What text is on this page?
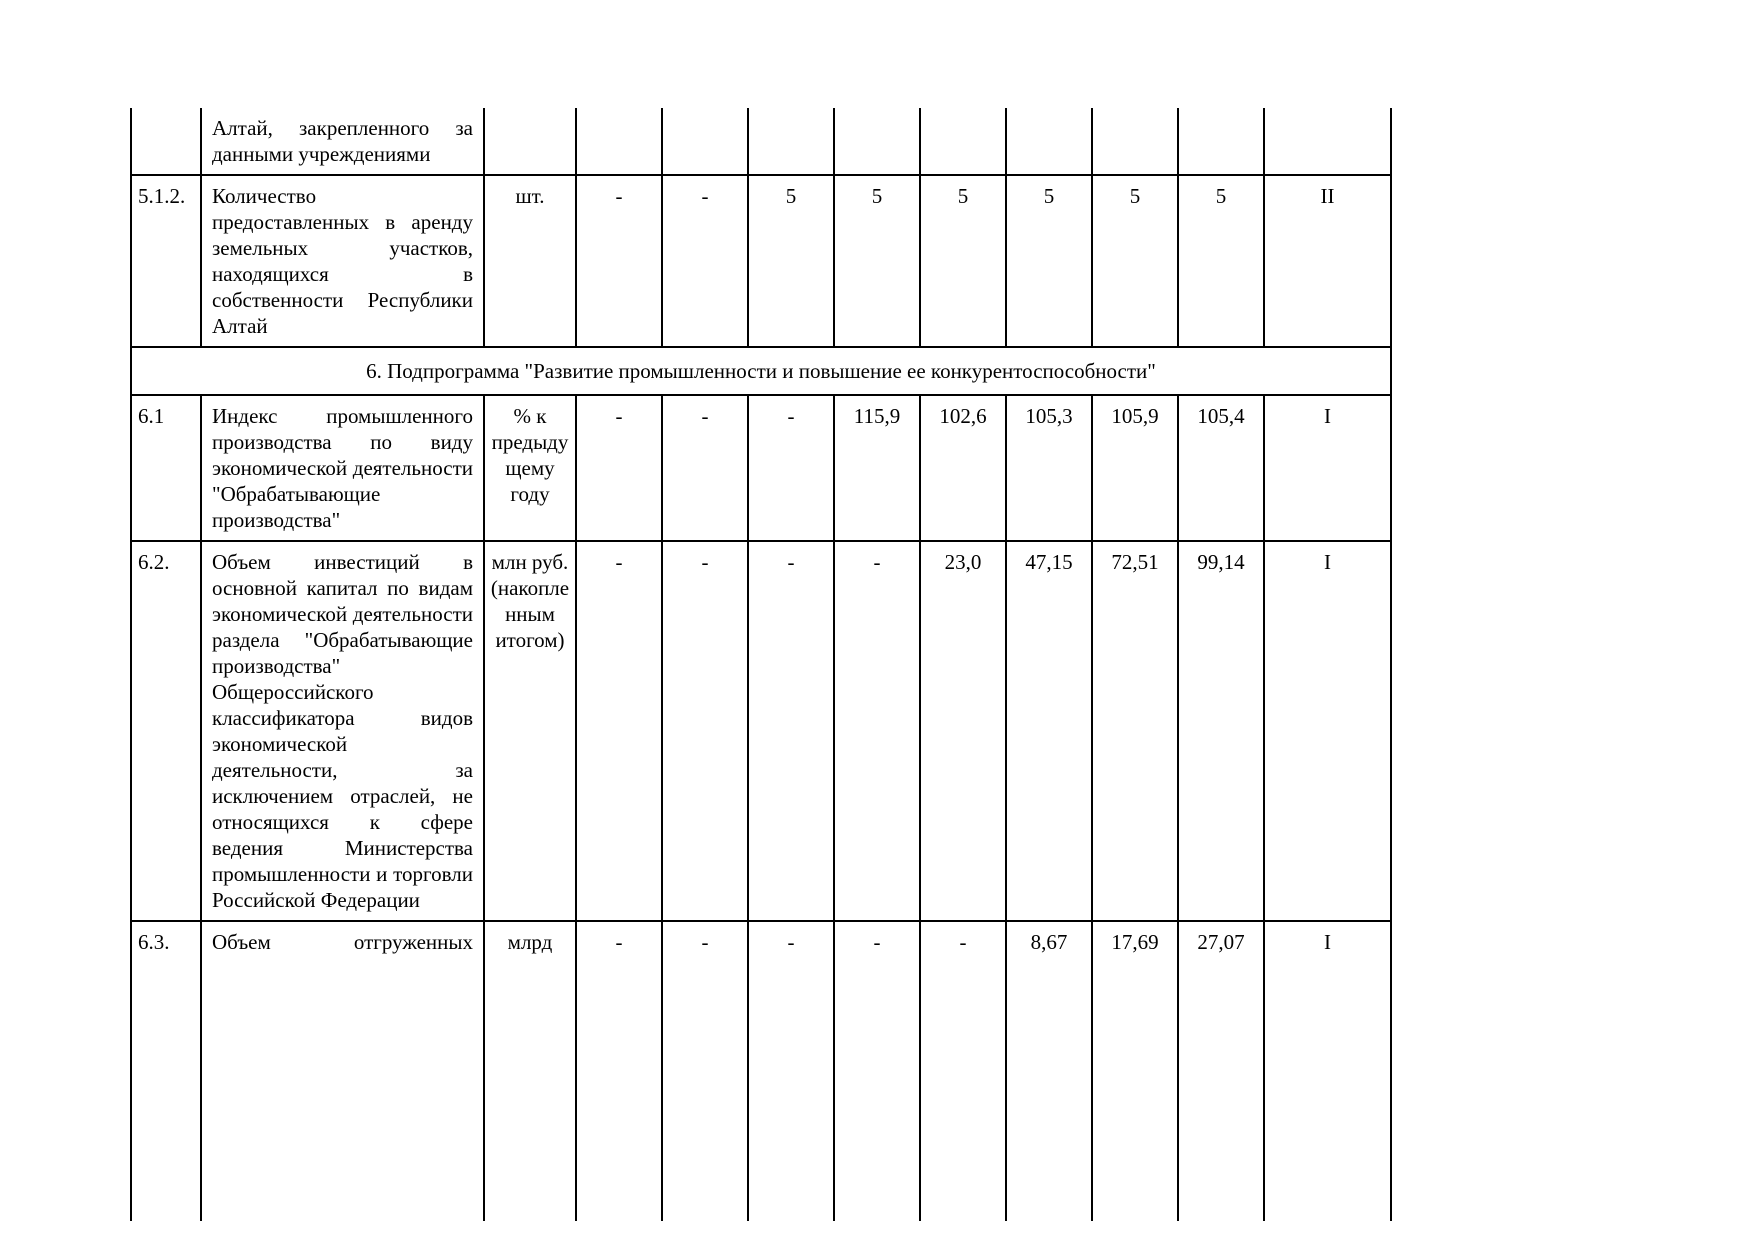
	Алтай, закрепленного за данными учреждениями										
5.1.2.	Количество предоставленных в аренду земельных участков, находящихся в собственности Республики Алтай	шт.	-	-	5	5	5	5	5	5	II
6. Подпрограмма "Развитие промышленности и повышение ее конкурентоспособности"											
6.1	Индекс промышленного производства по виду экономической деятельности "Обрабатывающие производства"	% к предыдущему году	-	-	-	115,9	102,6	105,3	105,9	105,4	I
6.2.	Объем инвестиций в основной капитал по видам экономической деятельности раздела "Обрабатывающие производства" Общероссийского классификатора видов экономической деятельности, за исключением отраслей, не относящихся к сфере ведения Министерства промышленности и торговли Российской Федерации	млн руб. (накопленным итогом)	-	-	-	-	23,0	47,15	72,51	99,14	I
6.3.	Объем отгруженных	млрд	-	-	-	-	-	8,67	17,69	27,07	I
